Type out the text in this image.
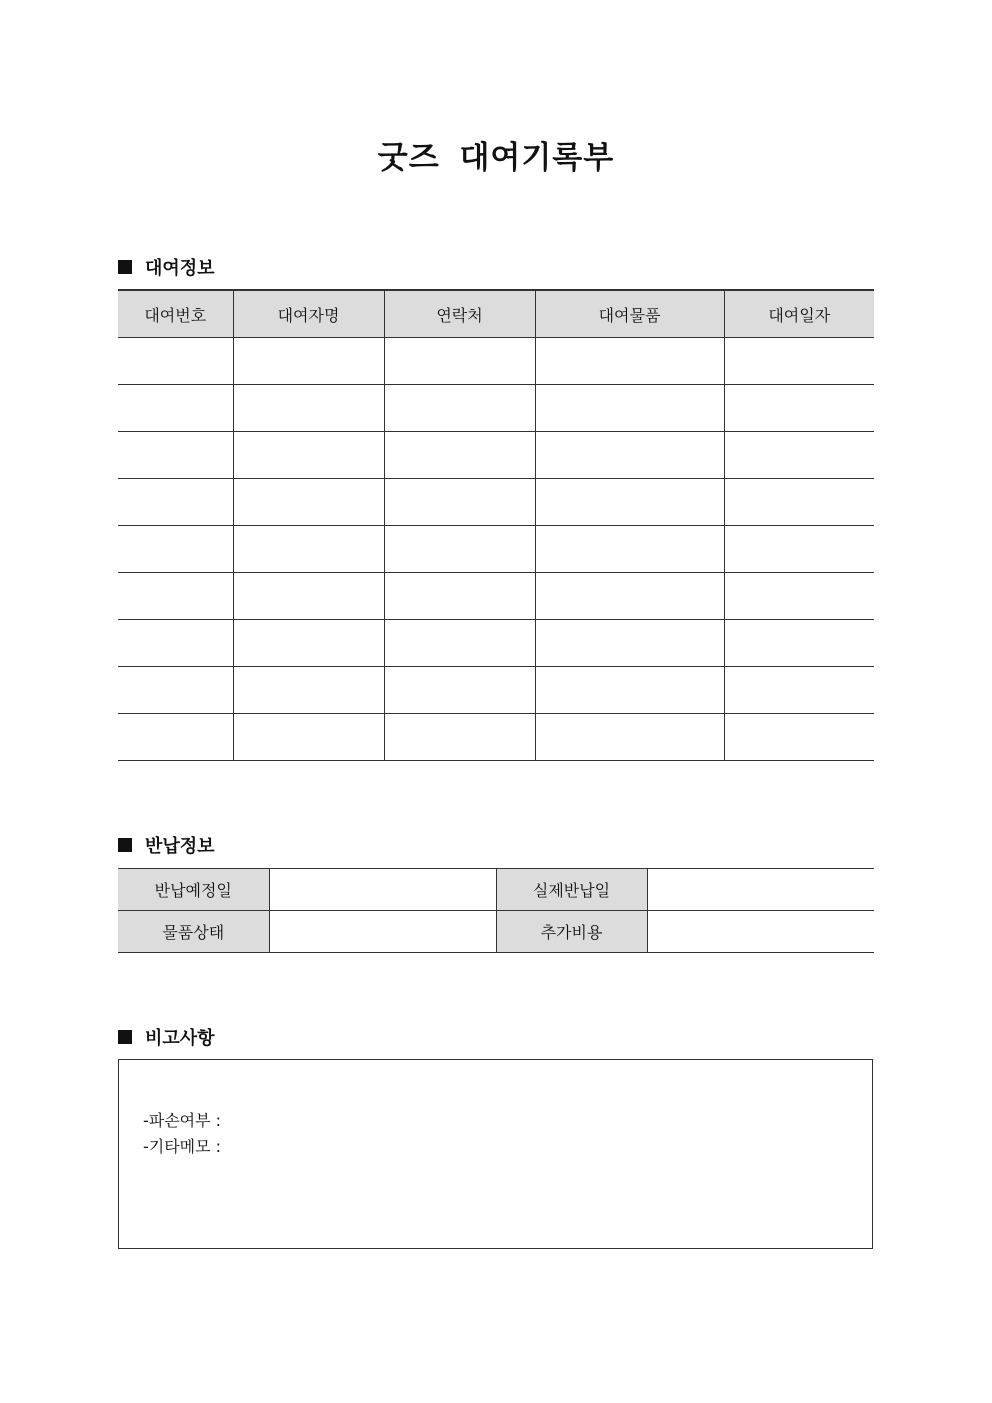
굿즈 대여기록부
대여정보
대여번호	대여자명	연락처	대여물품	대여일자

반납정보
반납예정일		실제반납일	
물품상태		추가비용	
비고사항
-파손여부 :
-기타메모 :
